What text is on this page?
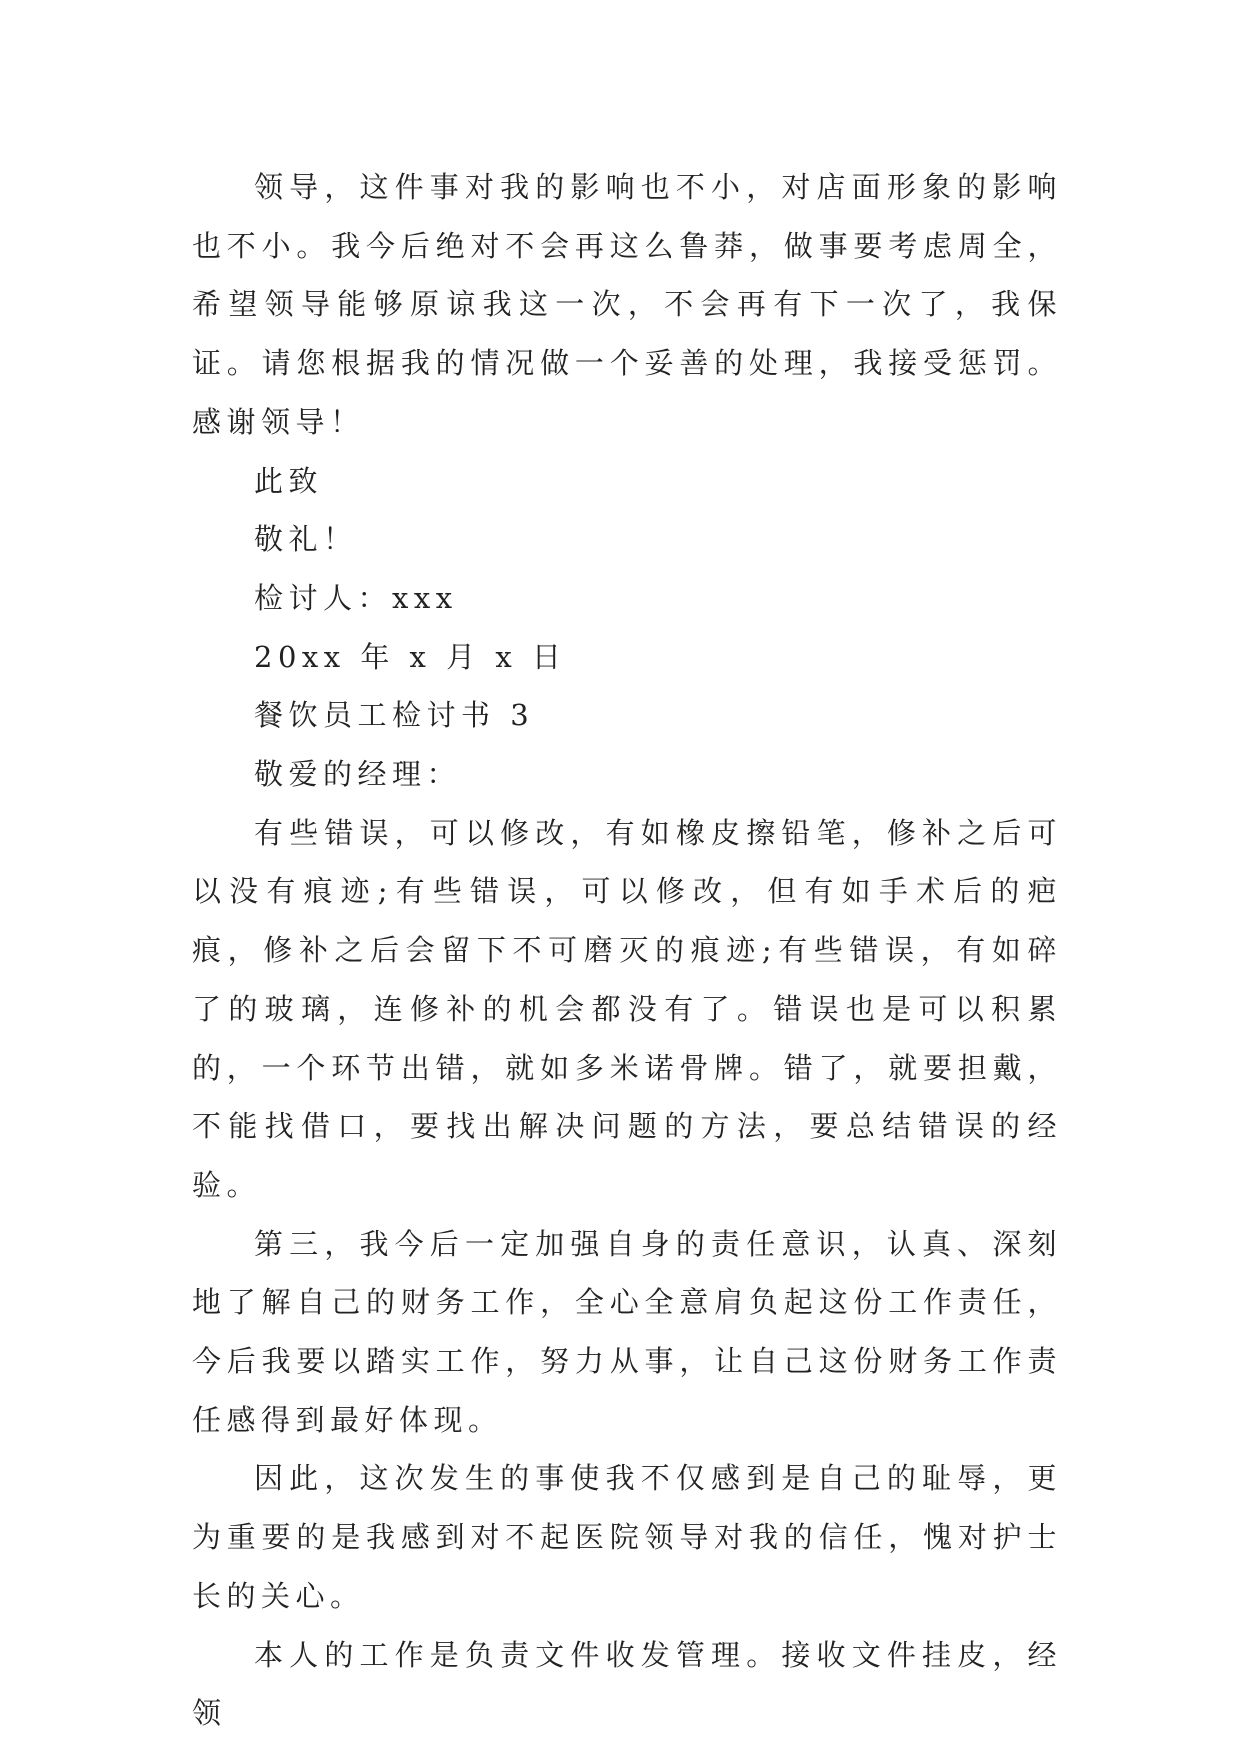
领导，这件事对我的影响也不小，对店面形象的影响也不小。我今后绝对不会再这么鲁莽，做事要考虑周全，希望领导能够原谅我这一次，不会再有下一次了，我保证。请您根据我的情况做一个妥善的处理，我接受惩罚。感谢领导！

此致

敬礼！

检讨人：xxx

20xx 年 x 月 x 日

餐饮员工检讨书 3

敬爱的经理：

有些错误，可以修改，有如橡皮擦铅笔，修补之后可以没有痕迹;有些错误，可以修改，但有如手术后的疤痕，修补之后会留下不可磨灭的痕迹;有些错误，有如碎了的玻璃，连修补的机会都没有了。错误也是可以积累的，一个环节出错，就如多米诺骨牌。错了，就要担戴，不能找借口，要找出解决问题的方法，要总结错误的经验。

第三，我今后一定加强自身的责任意识，认真、深刻地了解自己的财务工作，全心全意肩负起这份工作责任，今后我要以踏实工作，努力从事，让自己这份财务工作责任感得到最好体现。

因此，这次发生的事使我不仅感到是自己的耻辱，更为重要的是我感到对不起医院领导对我的信任，愧对护士长的关心。

本人的工作是负责文件收发管理。接收文件挂皮，经领
